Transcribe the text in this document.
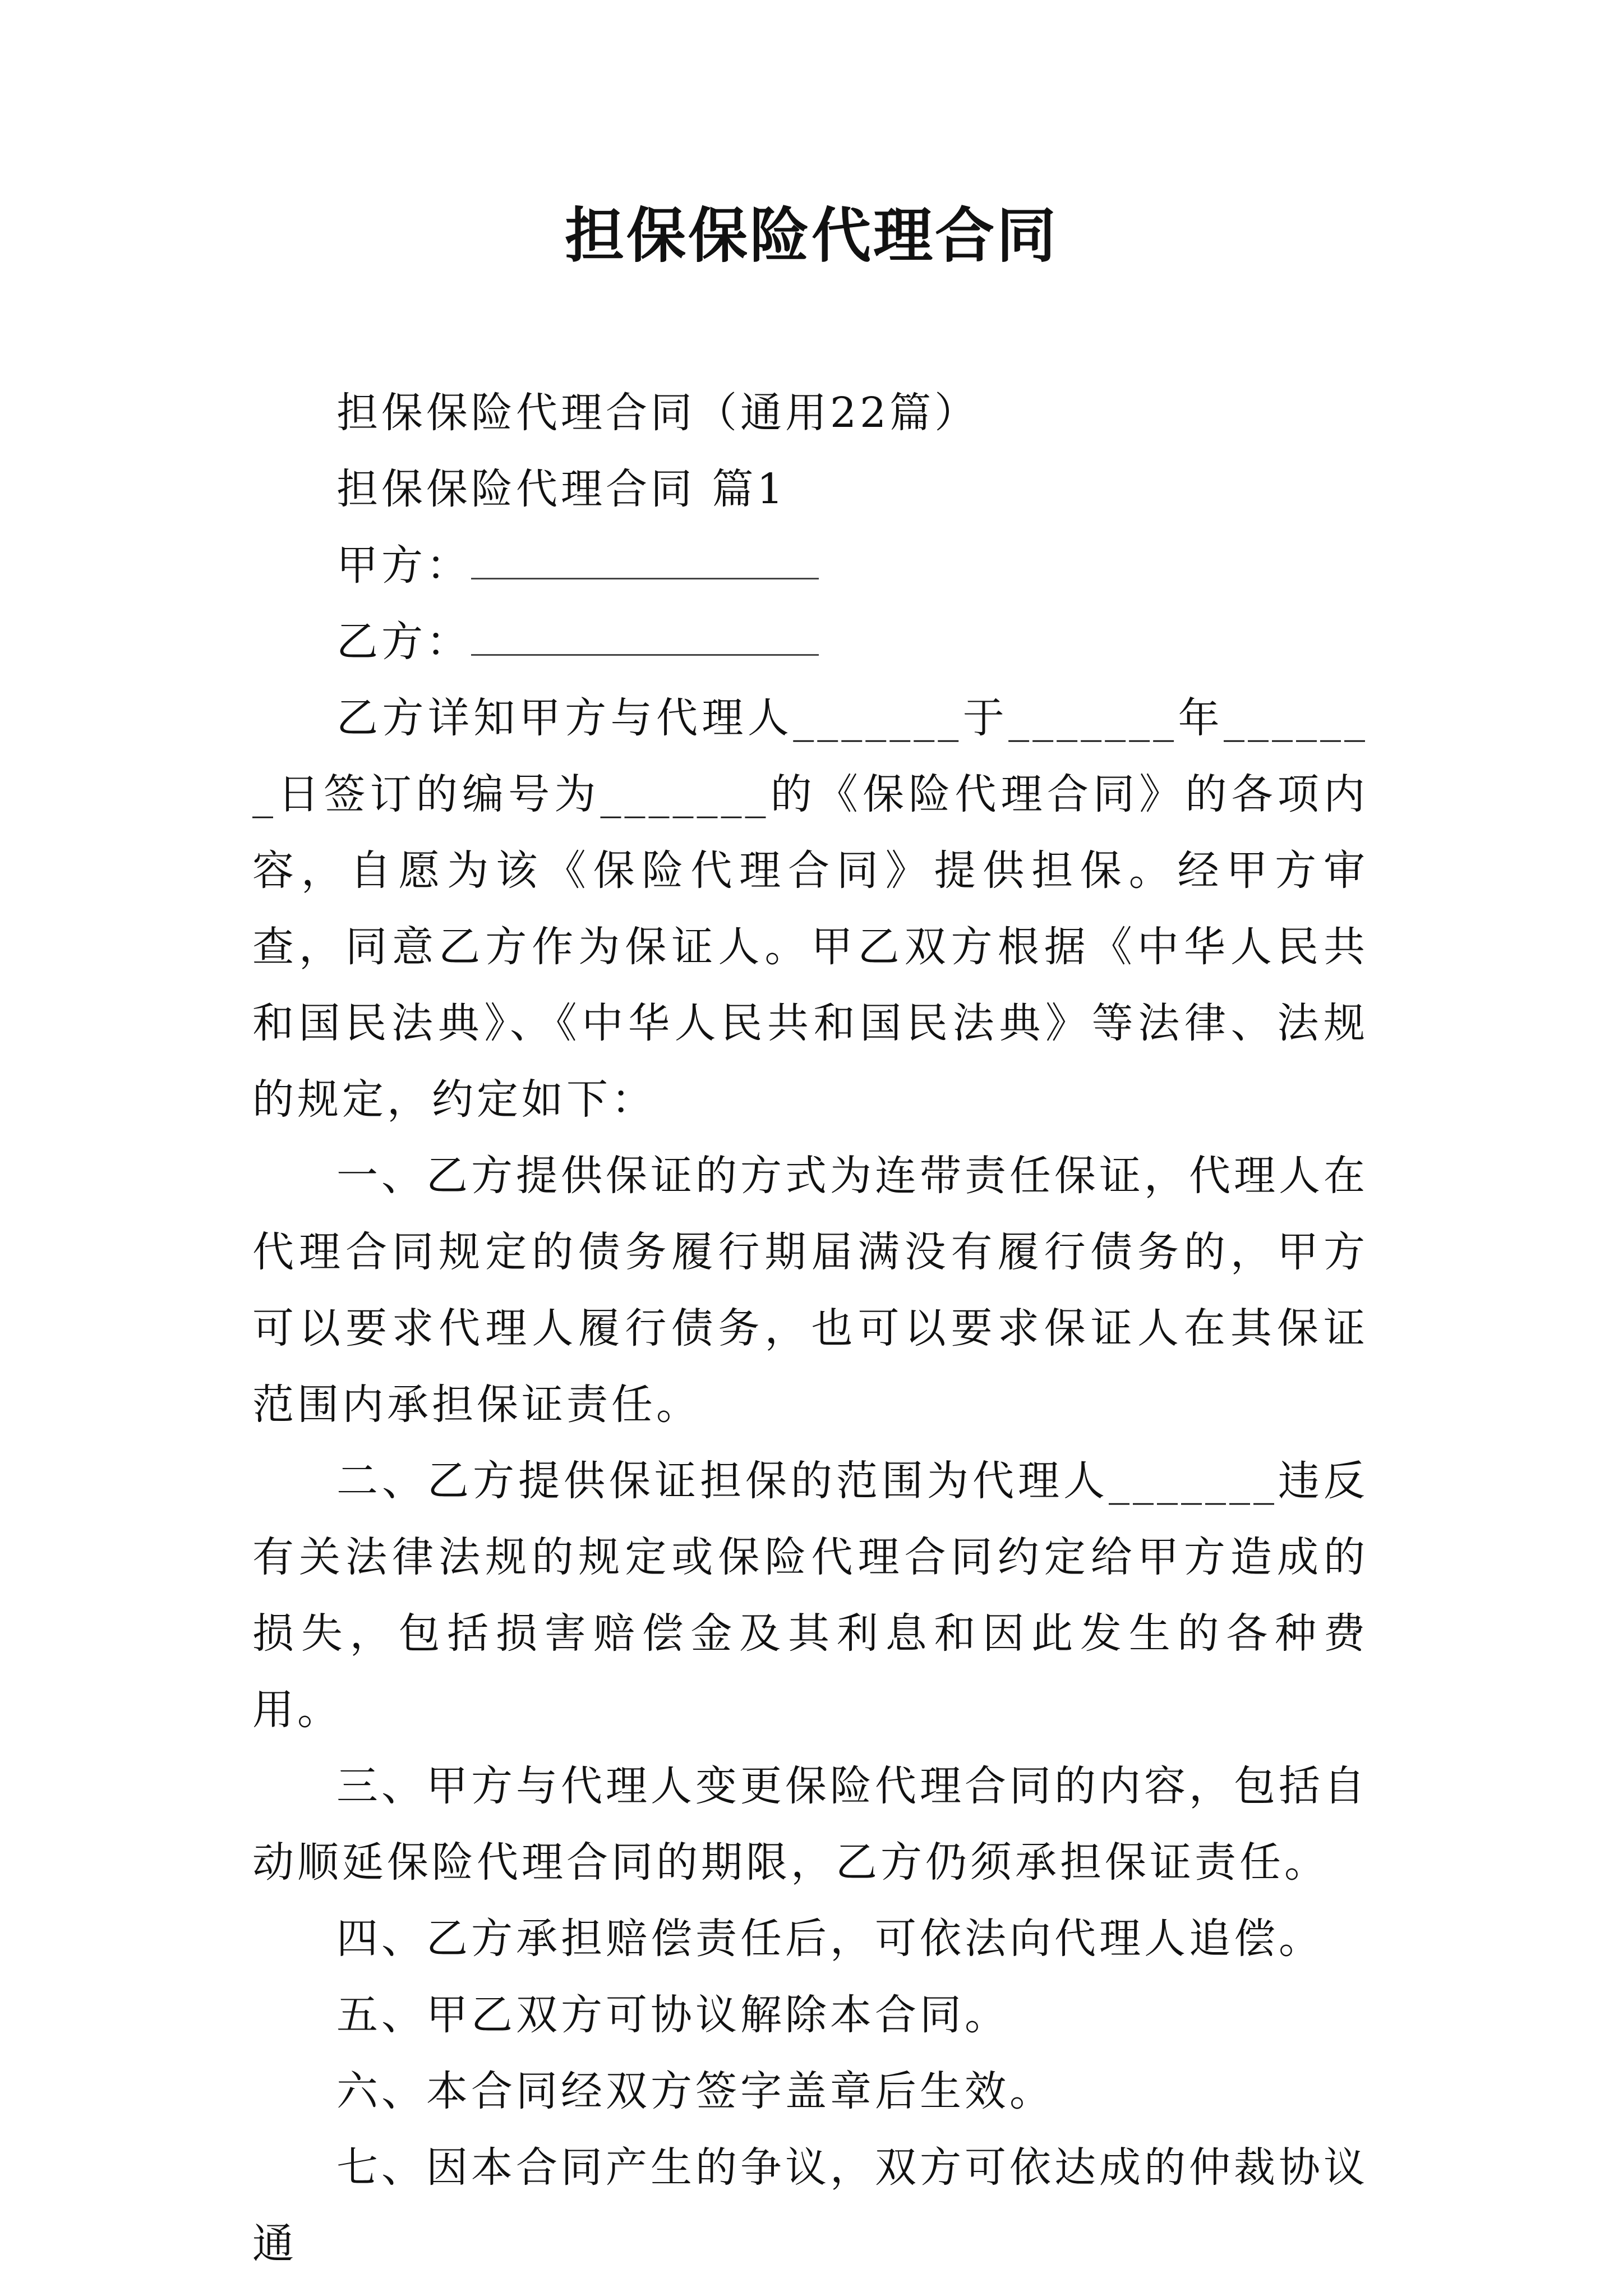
担保保险代理合同

担保保险代理合同（通用22篇）

担保保险代理合同 篇1

甲方：

乙方：

乙方详知甲方与代理人_______于_______年_______日签订的编号为_______的《保险代理合同》的各项内容，自愿为该《保险代理合同》提供担保。经甲方审查，同意乙方作为保证人。甲乙双方根据《中华人民共和国民法典》、《中华人民共和国民法典》等法律、法规的规定，约定如下：

一、乙方提供保证的方式为连带责任保证，代理人在代理合同规定的债务履行期届满没有履行债务的，甲方可以要求代理人履行债务，也可以要求保证人在其保证范围内承担保证责任。

二、乙方提供保证担保的范围为代理人_______违反有关法律法规的规定或保险代理合同约定给甲方造成的损失，包括损害赔偿金及其利息和因此发生的各种费用。

三、甲方与代理人变更保险代理合同的内容，包括自动顺延保险代理合同的期限，乙方仍须承担保证责任。

四、乙方承担赔偿责任后，可依法向代理人追偿。

五、甲乙双方可协议解除本合同。

六、本合同经双方签字盖章后生效。

七、因本合同产生的争议，双方可依达成的仲裁协议通
